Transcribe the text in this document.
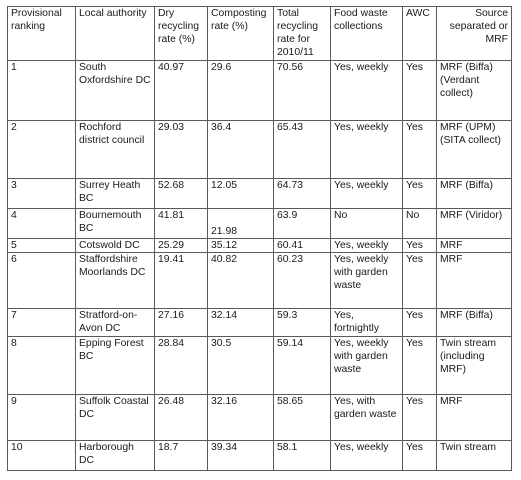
Provisional ranking	Local authority	Dry recycling rate (%)	Composting rate (%)	Total recycling rate for 2010/11	Food waste collections	AWC	Source separated or MRF
1	South Oxfordshire DC	40.97	29.6	70.56	Yes, weekly	Yes	MRF (Biffa) (Verdant collect)
2	Rochford district council	29.03	36.4	65.43	Yes, weekly	Yes	MRF (UPM) (SITA collect)
3	Surrey Heath BC	52.68	12.05	64.73	Yes, weekly	Yes	MRF (Biffa)
4	Bournemouth BC	41.81	21.98	63.9	No	No	MRF (Viridor)
5	Cotswold DC	25.29	35.12	60.41	Yes, weekly	Yes	MRF
6	Staffordshire Moorlands DC	19.41	40.82	60.23	Yes, weekly with garden waste	Yes	MRF
7	Stratford-on-Avon DC	27.16	32.14	59.3	Yes, fortnightly	Yes	MRF (Biffa)
8	Epping Forest BC	28.84	30.5	59.14	Yes, weekly with garden waste	Yes	Twin stream (including MRF)
9	Suffolk Coastal DC	26.48	32.16	58.65	Yes, with garden waste	Yes	MRF
10	Harborough DC	18.7	39.34	58.1	Yes, weekly	Yes	Twin stream
